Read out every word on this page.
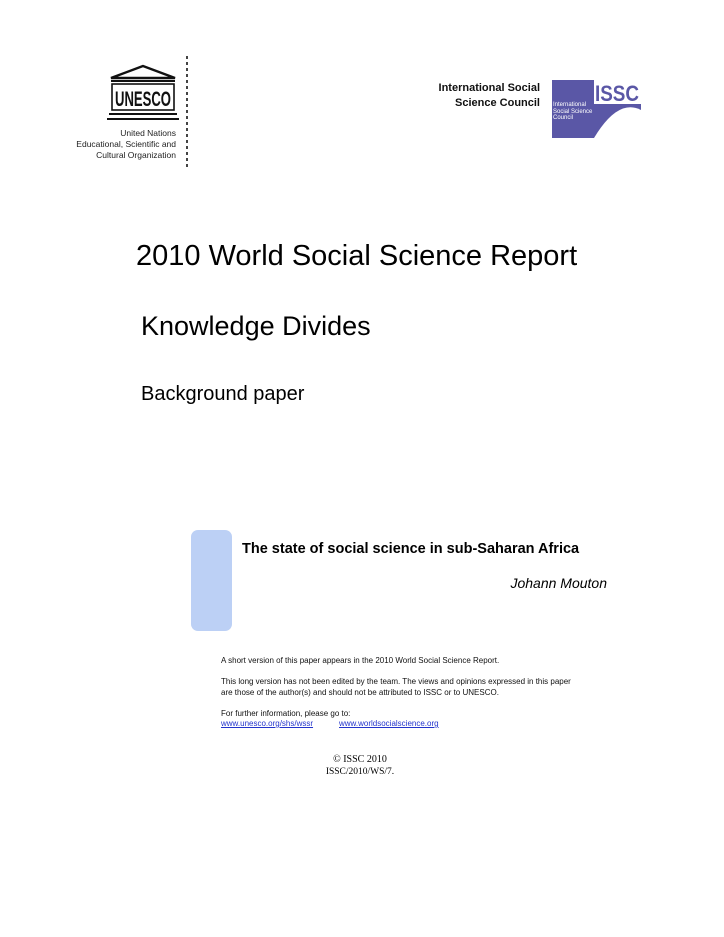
UNESCO
United Nations
Educational, Scientific and
Cultural Organization
International Social
Science Council	ISSC
International Social Science Council
2010 World Social Science Report
Knowledge Divides
Background paper
The state of social science in sub-Saharan Africa
Johann Mouton
A short version of this paper appears in the 2010 World Social Science Report.
This long version has not been edited by the team. The views and opinions expressed in this paper
are those of the author(s) and should not be attributed to ISSC or to UNESCO.
For further information, please go to:
www.unesco.org/shs/wssr	www.worldsocialscience.org
© ISSC 2010
ISSC/2010/WS/7.
